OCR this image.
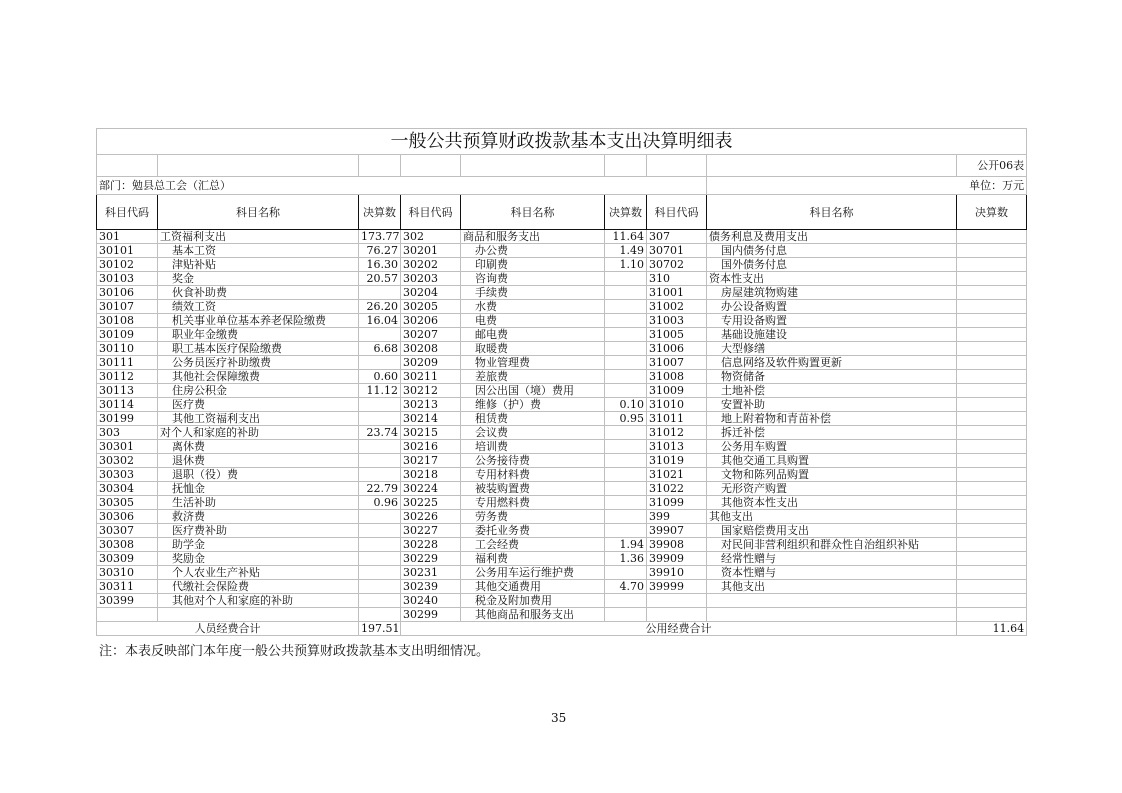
一般公共预算财政拨款基本支出决算明细表								
								公开06表
部门：勉县总工会（汇总）							单位：万元	
科目代码	科目名称	决算数	科目代码	科目名称	决算数	科目代码	科目名称	决算数
301	工资福利支出	173.77	302	商品和服务支出	11.64	307	债务利息及费用支出	
30101	基本工资	76.27	30201	办公费	1.49	30701	国内债务付息	
30102	津贴补贴	16.30	30202	印刷费	1.10	30702	国外债务付息	
30103	奖金	20.57	30203	咨询费		310	资本性支出	
30106	伙食补助费		30204	手续费		31001	房屋建筑物购建	
30107	绩效工资	26.20	30205	水费		31002	办公设备购置	
30108	机关事业单位基本养老保险缴费	16.04	30206	电费		31003	专用设备购置	
30109	职业年金缴费		30207	邮电费		31005	基础设施建设	
30110	职工基本医疗保险缴费	6.68	30208	取暖费		31006	大型修缮	
30111	公务员医疗补助缴费		30209	物业管理费		31007	信息网络及软件购置更新	
30112	其他社会保障缴费	0.60	30211	差旅费		31008	物资储备	
30113	住房公积金	11.12	30212	因公出国（境）费用		31009	土地补偿	
30114	医疗费		30213	维修（护）费	0.10	31010	安置补助	
30199	其他工资福利支出		30214	租赁费	0.95	31011	地上附着物和青苗补偿	
303	对个人和家庭的补助	23.74	30215	会议费		31012	拆迁补偿	
30301	离休费		30216	培训费		31013	公务用车购置	
30302	退休费		30217	公务接待费		31019	其他交通工具购置	
30303	退职（役）费		30218	专用材料费		31021	文物和陈列品购置	
30304	抚恤金	22.79	30224	被装购置费		31022	无形资产购置	
30305	生活补助	0.96	30225	专用燃料费		31099	其他资本性支出	
30306	救济费		30226	劳务费		399	其他支出	
30307	医疗费补助		30227	委托业务费		39907	国家赔偿费用支出	
30308	助学金		30228	工会经费	1.94	39908	对民间非营利组织和群众性自治组织补贴	
30309	奖励金		30229	福利费	1.36	39909	经常性赠与	
30310	个人农业生产补贴		30231	公务用车运行维护费		39910	资本性赠与	
30311	代缴社会保险费		30239	其他交通费用	4.70	39999	其他支出	
30399	其他对个人和家庭的补助		30240	税金及附加费用				
			30299	其他商品和服务支出				
人员经费合计		197.51	公用经费合计					11.64
注：本表反映部门本年度一般公共预算财政拨款基本支出明细情况。
35
